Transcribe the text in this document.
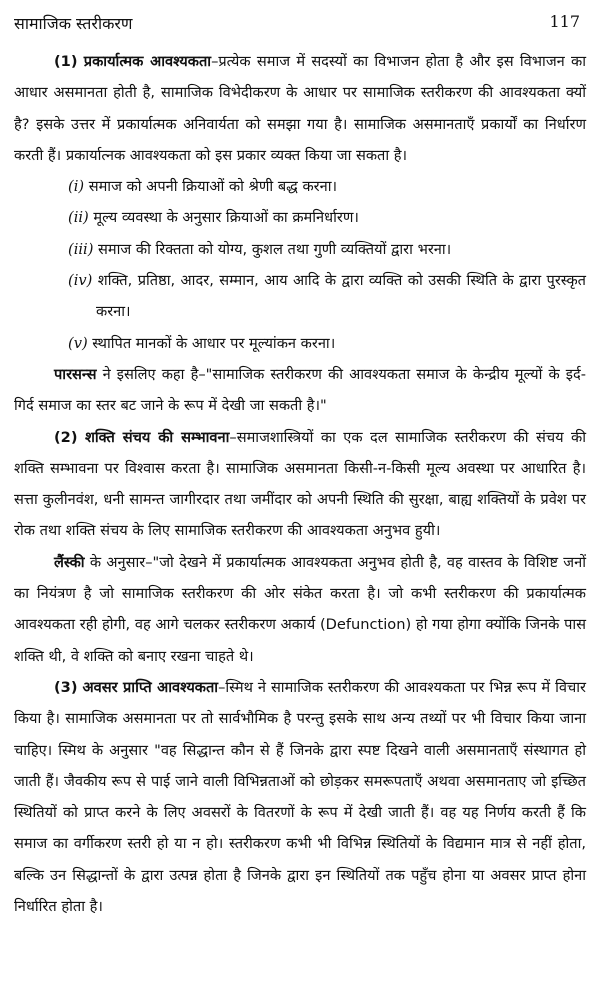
सामाजिक स्तरीकरण	117

(1) प्रकार्यात्मक आवश्यकता–प्रत्येक समाज में सदस्यों का विभाजन होता है और इस विभाजन का आधार असमानता होती है, सामाजिक विभेदीकरण के आधार पर सामाजिक स्तरीकरण की आवश्यकता क्यों है? इसके उत्तर में प्रकार्यात्मक अनिवार्यता को समझा गया है। सामाजिक असमानताएँ प्रकार्यों का निर्धारण करती हैं। प्रकार्यात्नक आवश्यकता को इस प्रकार व्यक्त किया जा सकता है।

(i) समाज को अपनी क्रियाओं को श्रेणी बद्ध करना।

(ii) मूल्य व्यवस्था के अनुसार क्रियाओं का क्रमनिर्धारण।

(iii) समाज की रिक्तता को योग्य, कुशल तथा गुणी व्यक्तियों द्वारा भरना।

(iv) शक्ति, प्रतिष्ठा, आदर, सम्मान, आय आदि के द्वारा व्यक्ति को उसकी स्थिति के द्वारा पुरस्कृत करना।

(v) स्थापित मानकों के आधार पर मूल्यांकन करना।

पारसन्स ने इसलिए कहा है–"सामाजिक स्तरीकरण की आवश्यकता समाज के केन्द्रीय मूल्यों के इर्द-गिर्द समाज का स्तर बट जाने के रूप में देखी जा सकती है।"

(2) शक्ति संचय की सम्भावना–समाजशास्त्रियों का एक दल सामाजिक स्तरीकरण की संचय की शक्ति सम्भावना पर विश्वास करता है। सामाजिक असमानता किसी-न-किसी मूल्य अवस्था पर आधारित है। सत्ता कुलीनवंश, धनी सामन्त जागीरदार तथा जमींदार को अपनी स्थिति की सुरक्षा, बाह्य शक्तियों के प्रवेश पर रोक तथा शक्ति संचय के लिए सामाजिक स्तरीकरण की आवश्यकता अनुभव हुयी।

लैंस्की के अनुसार–"जो देखने में प्रकार्यात्मक आवश्यकता अनुभव होती है, वह वास्तव के विशिष्ट जनों का नियंत्रण है जो सामाजिक स्तरीकरण की ओर संकेत करता है। जो कभी स्तरीकरण की प्रकार्यात्मक आवश्यकता रही होगी, वह आगे चलकर स्तरीकरण अकार्य (Defunction) हो गया होगा क्योंकि जिनके पास शक्ति थी, वे शक्ति को बनाए रखना चाहते थे।

(3) अवसर प्राप्ति आवश्यकता–स्मिथ ने सामाजिक स्तरीकरण की आवश्यकता पर भिन्न रूप में विचार किया है। सामाजिक असमानता पर तो सार्वभौमिक है परन्तु इसके साथ अन्य तथ्यों पर भी विचार किया जाना चाहिए। स्मिथ के अनुसार "वह सिद्धान्त कौन से हैं जिनके द्वारा स्पष्ट दिखने वाली असमानताएँ संस्थागत हो जाती हैं। जैवकीय रूप से पाई जाने वाली विभिन्नताओं को छोड़कर समरूपताएँ अथवा असमानताए जो इच्छित स्थितियों को प्राप्त करने के लिए अवसरों के वितरणों के रूप में देखी जाती हैं। वह यह निर्णय करती हैं कि समाज का वर्गीकरण स्तरी हो या न हो। स्तरीकरण कभी भी विभिन्न स्थितियों के विद्यमान मात्र से नहीं होता, बल्कि उन सिद्धान्तों के द्वारा उत्पन्न होता है जिनके द्वारा इन स्थितियों तक पहुँच होना या अवसर प्राप्त होना निर्धारित होता है।
